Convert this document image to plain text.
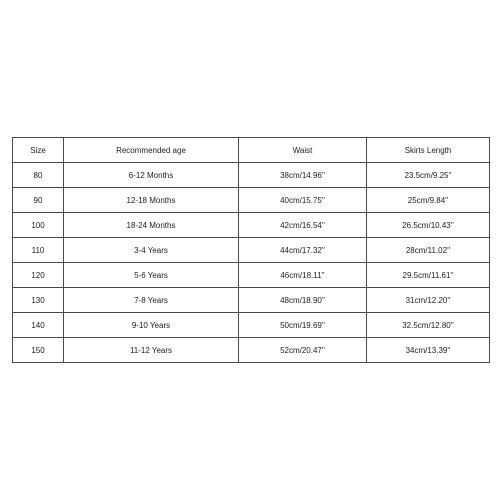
Size	Recommended age	Waist	Skirts Length
80	6-12 Months	38cm/14.96''	23.5cm/9.25''
90	12-18 Months	40cm/15.75''	25cm/9.84''
100	18-24 Months	42cm/16.54''	26.5cm/10.43''
110	3-4 Years	44cm/17.32''	28cm/11.02''
120	5-6 Years	46cm/18.11''	29.5cm/11.61''
130	7-8 Years	48cm/18.90''	31cm/12.20''
140	9-10 Years	50cm/19.69''	32.5cm/12.80''
150	11-12 Years	52cm/20.47''	34cm/13.39''
